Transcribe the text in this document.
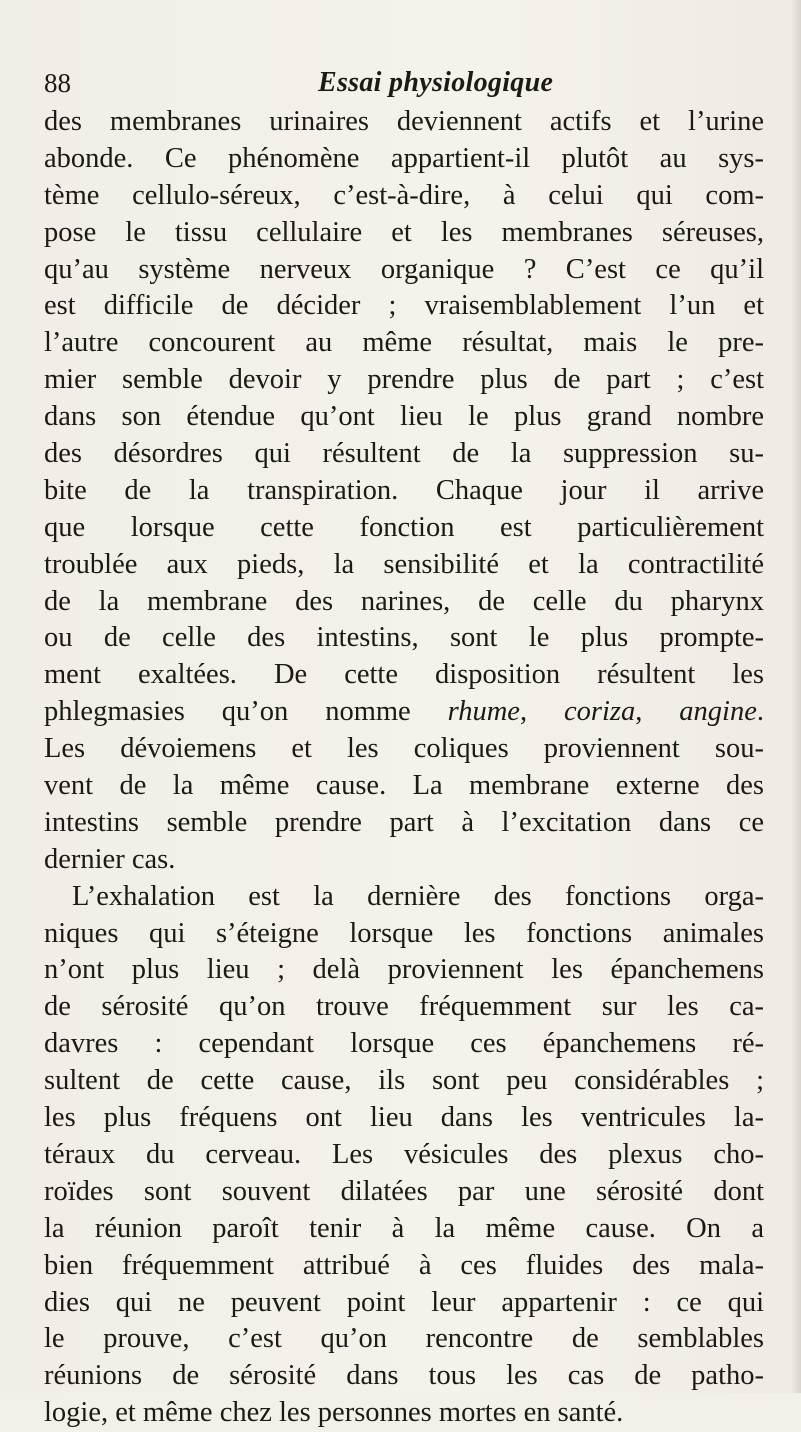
88	Essai physiologique
des membranes urinaires deviennent actifs et l’urine
abonde. Ce phénomène appartient-il plutôt au sys-
tème cellulo-séreux, c’est-à-dire, à celui qui com-
pose le tissu cellulaire et les membranes séreuses,
qu’au système nerveux organique ? C’est ce qu’il
est difficile de décider ; vraisemblablement l’un et
l’autre concourent au même résultat, mais le pre-
mier semble devoir y prendre plus de part ; c’est
dans son étendue qu’ont lieu le plus grand nombre
des désordres qui résultent de la suppression su-
bite de la transpiration. Chaque jour il arrive
que lorsque cette fonction est particulièrement
troublée aux pieds, la sensibilité et la contractilité
de la membrane des narines, de celle du pharynx
ou de celle des intestins, sont le plus prompte-
ment exaltées. De cette disposition résultent les
phlegmasies qu’on nomme rhume, coriza, angine.
Les dévoiemens et les coliques proviennent sou-
vent de la même cause. La membrane externe des
intestins semble prendre part à l’excitation dans ce
dernier cas.
L’exhalation est la dernière des fonctions orga-
niques qui s’éteigne lorsque les fonctions animales
n’ont plus lieu ; delà proviennent les épanchemens
de sérosité qu’on trouve fréquemment sur les ca-
davres : cependant lorsque ces épanchemens ré-
sultent de cette cause, ils sont peu considérables ;
les plus fréquens ont lieu dans les ventricules la-
téraux du cerveau. Les vésicules des plexus cho-
roïdes sont souvent dilatées par une sérosité dont
la réunion paroît tenir à la même cause. On a
bien fréquemment attribué à ces fluides des mala-
dies qui ne peuvent point leur appartenir : ce qui
le prouve, c’est qu’on rencontre de semblables
réunions de sérosité dans tous les cas de patho-
logie, et même chez les personnes mortes en santé.
